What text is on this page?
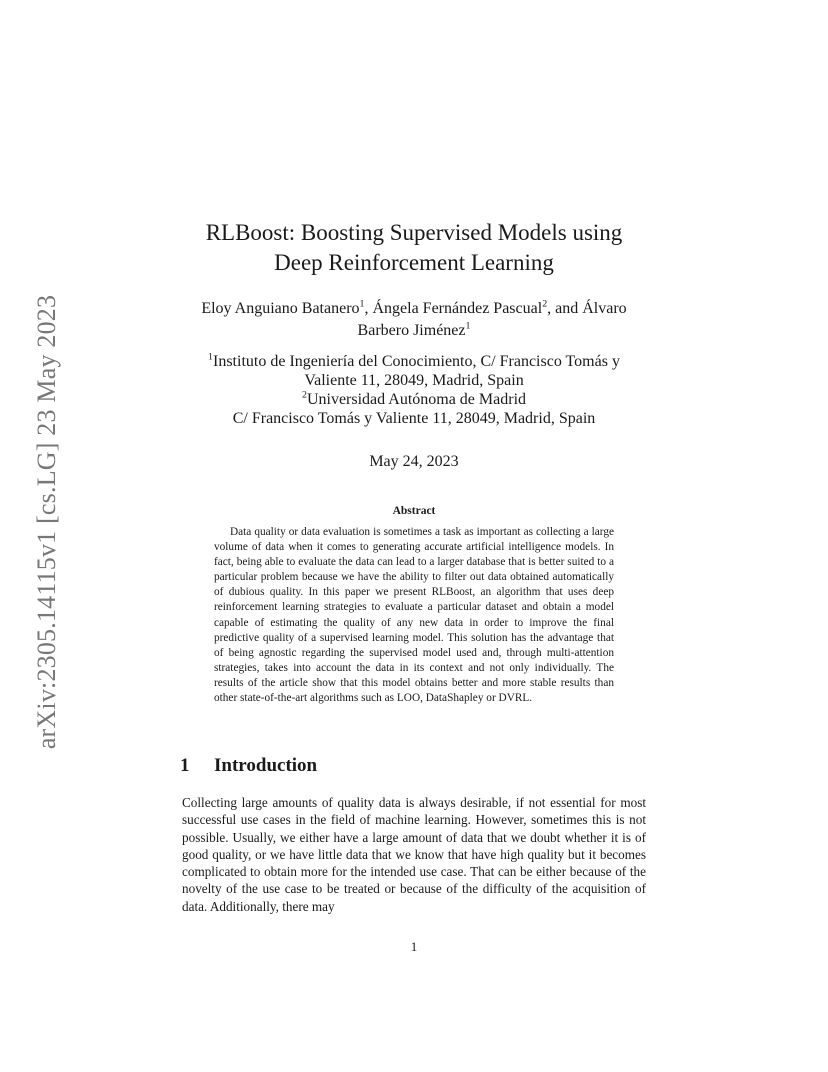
arXiv:2305.14115v1 [cs.LG] 23 May 2023
RLBoost: Boosting Supervised Models using
Deep Reinforcement Learning
Eloy Anguiano Batanero$^1$, Ángela Fernández Pascual$^2$, and Álvaro
Barbero Jiménez$^1$
$^1$Instituto de Ingeniería del Conocimiento, C/ Francisco Tomás y
Valiente 11, 28049, Madrid, Spain
$^2$Universidad Autónoma de Madrid
C/ Francisco Tomás y Valiente 11, 28049, Madrid, Spain
May 24, 2023
Abstract

Data quality or data evaluation is sometimes a task as important as collecting a large volume of data when it comes to generating accurate artificial intelligence models. In fact, being able to evaluate the data can lead to a larger database that is better suited to a particular problem because we have the ability to filter out data obtained automatically of dubious quality. In this paper we present RLBoost, an algorithm that uses deep reinforcement learning strategies to evaluate a particular dataset and obtain a model capable of estimating the quality of any new data in order to improve the final predictive quality of a supervised learning model. This solution has the advantage that of being agnostic regarding the supervised model used and, through multi-attention strategies, takes into account the data in its context and not only individually. The results of the article show that this model obtains better and more stable results than other state-of-the-art algorithms such as LOO, DataShapley or DVRL.

1 Introduction

Collecting large amounts of quality data is always desirable, if not essential for most successful use cases in the field of machine learning. However, sometimes this is not possible. Usually, we either have a large amount of data that we doubt whether it is of good quality, or we have little data that we know that have high quality but it becomes complicated to obtain more for the intended use case. That can be either because of the novelty of the use case to be treated or because of the difficulty of the acquisition of data. Additionally, there may

1
